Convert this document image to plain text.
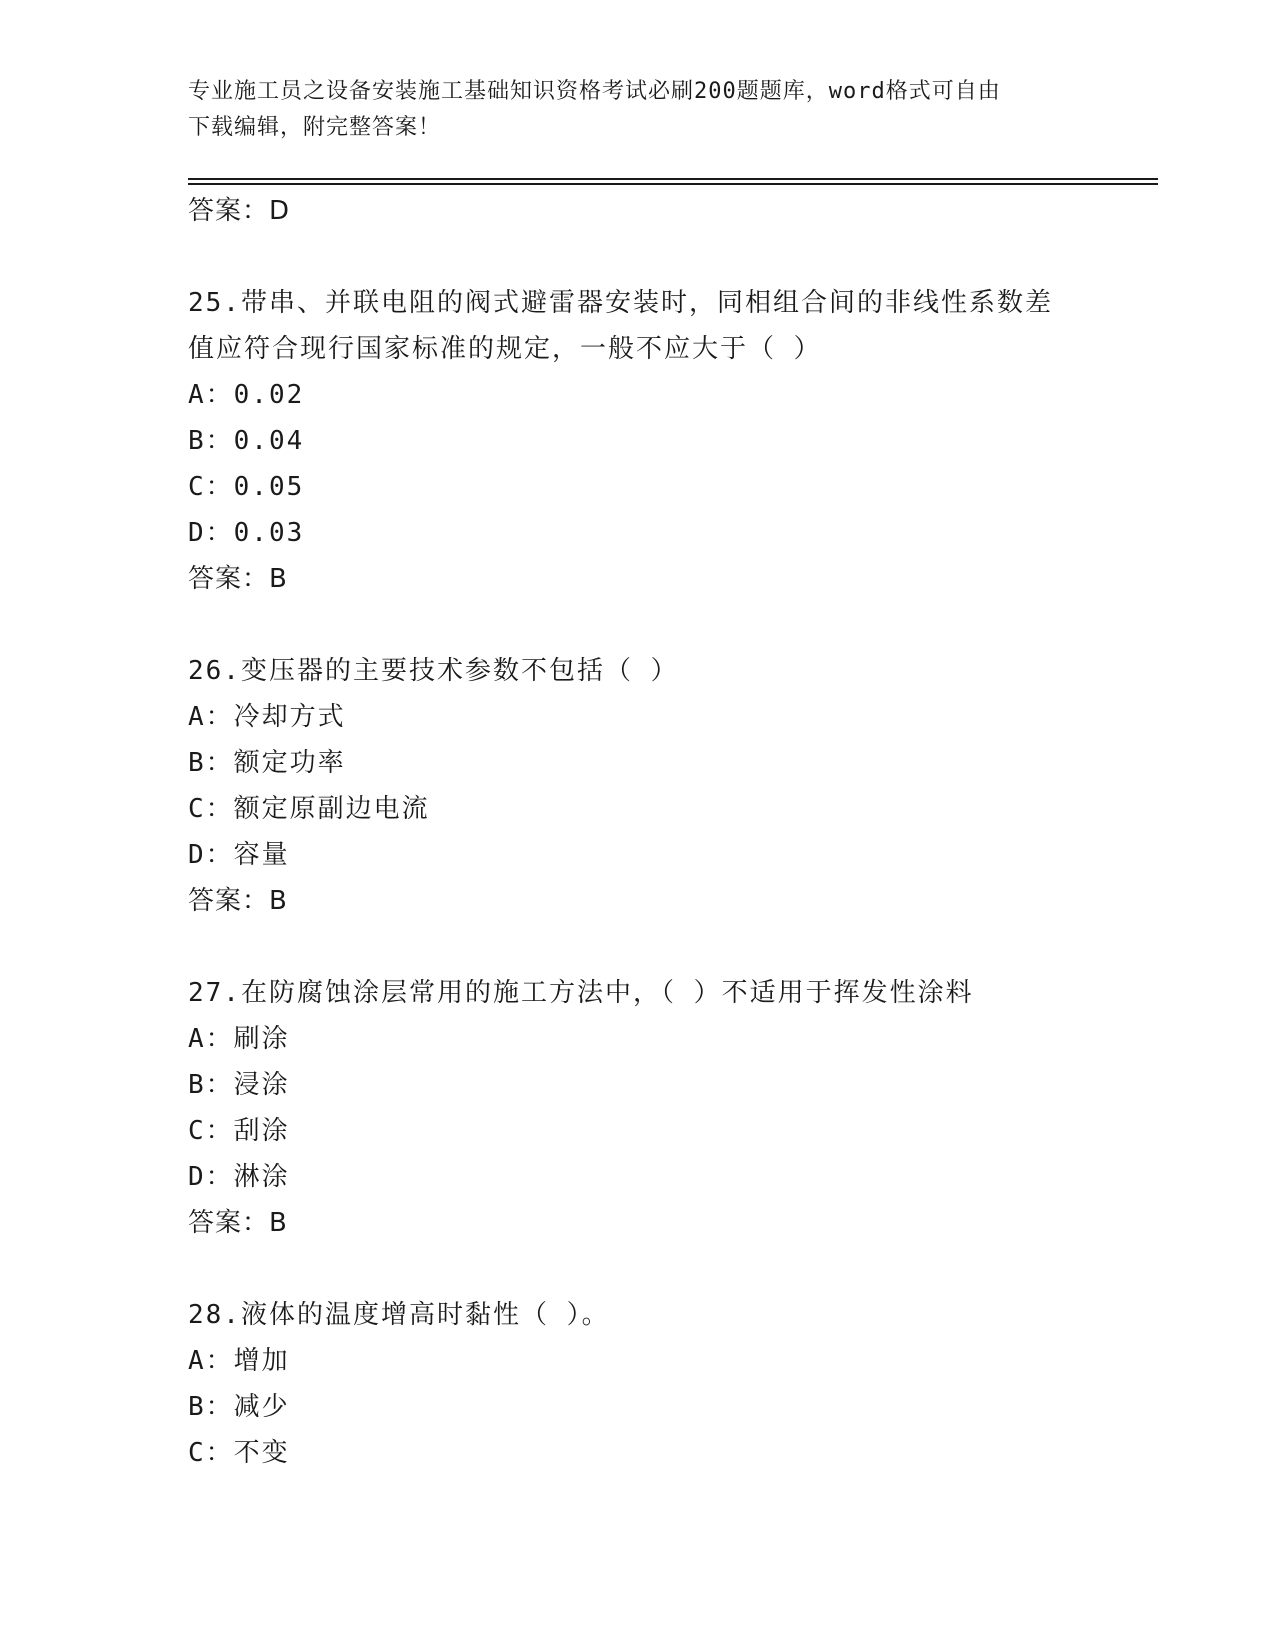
专业施工员之设备安装施工基础知识资格考试必刷200题题库，word格式可自由
下载编辑，附完整答案！
答案：D
25.带串、并联电阻的阀式避雷器安装时，同相组合间的非线性系数差
值应符合现行国家标准的规定，一般不应大于（ ）
A：0.02
B：0.04
C：0.05
D：0.03
答案：B
26.变压器的主要技术参数不包括（ ）
A：冷却方式
B：额定功率
C：额定原副边电流
D：容量
答案：B
27.在防腐蚀涂层常用的施工方法中，（ ）不适用于挥发性涂料
A：刷涂
B：浸涂
C：刮涂
D：淋涂
答案：B
28.液体的温度增高时黏性（ ）。
A：增加
B：减少
C：不变
